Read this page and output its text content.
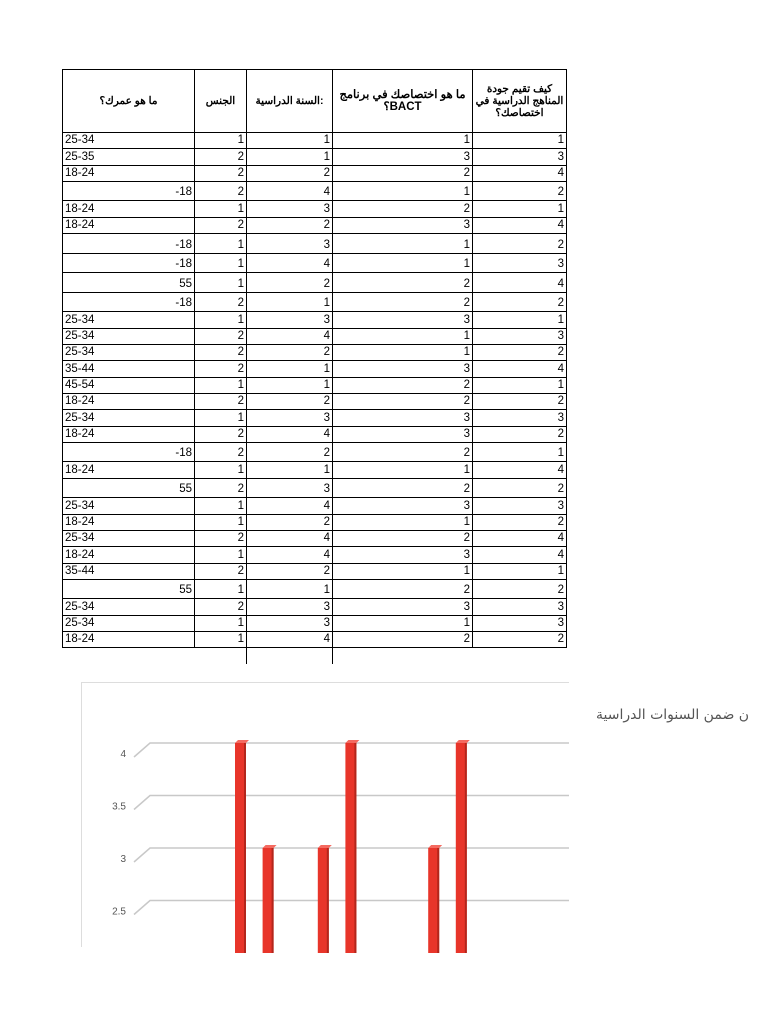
ما هو عمرك؟	الجنس	:السنة الدراسية	ما هو اختصاصك في برنامج BACT؟	كيف تقيم جودة المناهج الدراسية في اختصاصك؟
25-34	1	1	1	1
25-35	2	1	3	3
18-24	2	2	2	4
-18	2	4	1	2
18-24	1	3	2	1
18-24	2	2	3	4
-18	1	3	1	2
-18	1	4	1	3
55	1	2	2	4
-18	2	1	2	2
25-34	1	3	3	1
25-34	2	4	1	3
25-34	2	2	1	2
35-44	2	1	3	4
45-54	1	1	2	1
18-24	2	2	2	2
25-34	1	3	3	3
18-24	2	4	3	2
-18	2	2	2	1
18-24	1	1	1	4
55	2	3	2	2
25-34	1	4	3	3
18-24	1	2	1	2
25-34	2	4	2	4
18-24	1	4	3	4
35-44	2	2	1	1
55	1	1	2	2
25-34	2	3	3	3
25-34	1	3	1	3
18-24	1	4	2	2

ن ضمن السنوات الدراسية
2.5
3
3.5
4
